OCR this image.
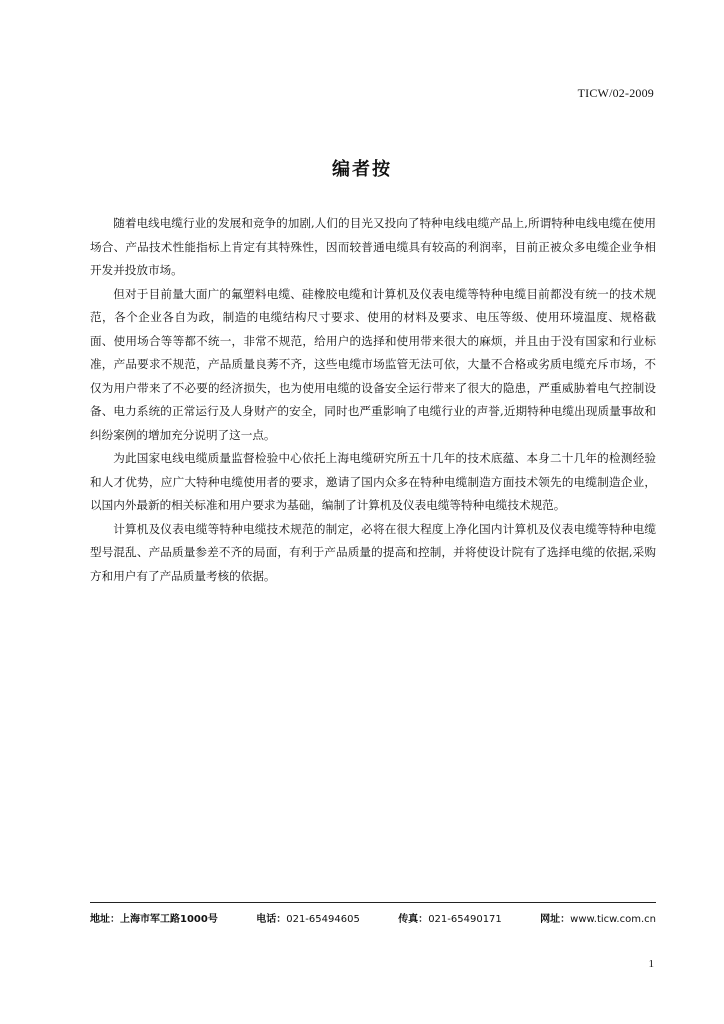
TICW/02-2009
编者按

随着电线电缆行业的发展和竞争的加剧,人们的目光又投向了特种电线电缆产品上,所谓特种电线电缆在使用场合、产品技术性能指标上肯定有其特殊性，因而较普通电缆具有较高的利润率，目前正被众多电缆企业争相开发并投放市场。

但对于目前量大面广的氟塑料电缆、硅橡胶电缆和计算机及仪表电缆等特种电缆目前都没有统一的技术规范，各个企业各自为政，制造的电缆结构尺寸要求、使用的材料及要求、电压等级、使用环境温度、规格截面、使用场合等等都不统一，非常不规范，给用户的选择和使用带来很大的麻烦，并且由于没有国家和行业标准，产品要求不规范，产品质量良莠不齐，这些电缆市场监管无法可依，大量不合格或劣质电缆充斥市场，不仅为用户带来了不必要的经济损失，也为使用电缆的设备安全运行带来了很大的隐患，严重威胁着电气控制设备、电力系统的正常运行及人身财产的安全，同时也严重影响了电缆行业的声誉,近期特种电缆出现质量事故和纠纷案例的增加充分说明了这一点。

为此国家电线电缆质量监督检验中心依托上海电缆研究所五十几年的技术底蕴、本身二十几年的检测经验和人才优势，应广大特种电缆使用者的要求，邀请了国内众多在特种电缆制造方面技术领先的电缆制造企业，以国内外最新的相关标准和用户要求为基础，编制了计算机及仪表电缆等特种电缆技术规范。

计算机及仪表电缆等特种电缆技术规范的制定，必将在很大程度上净化国内计算机及仪表电缆等特种电缆型号混乱、产品质量参差不齐的局面，有利于产品质量的提高和控制，并将使设计院有了选择电缆的依据,采购方和用户有了产品质量考核的依据。

地址：上海市军工路1000号	电话：021-65494605	传真：021-65490171	网址：www.ticw.com.cn
1
